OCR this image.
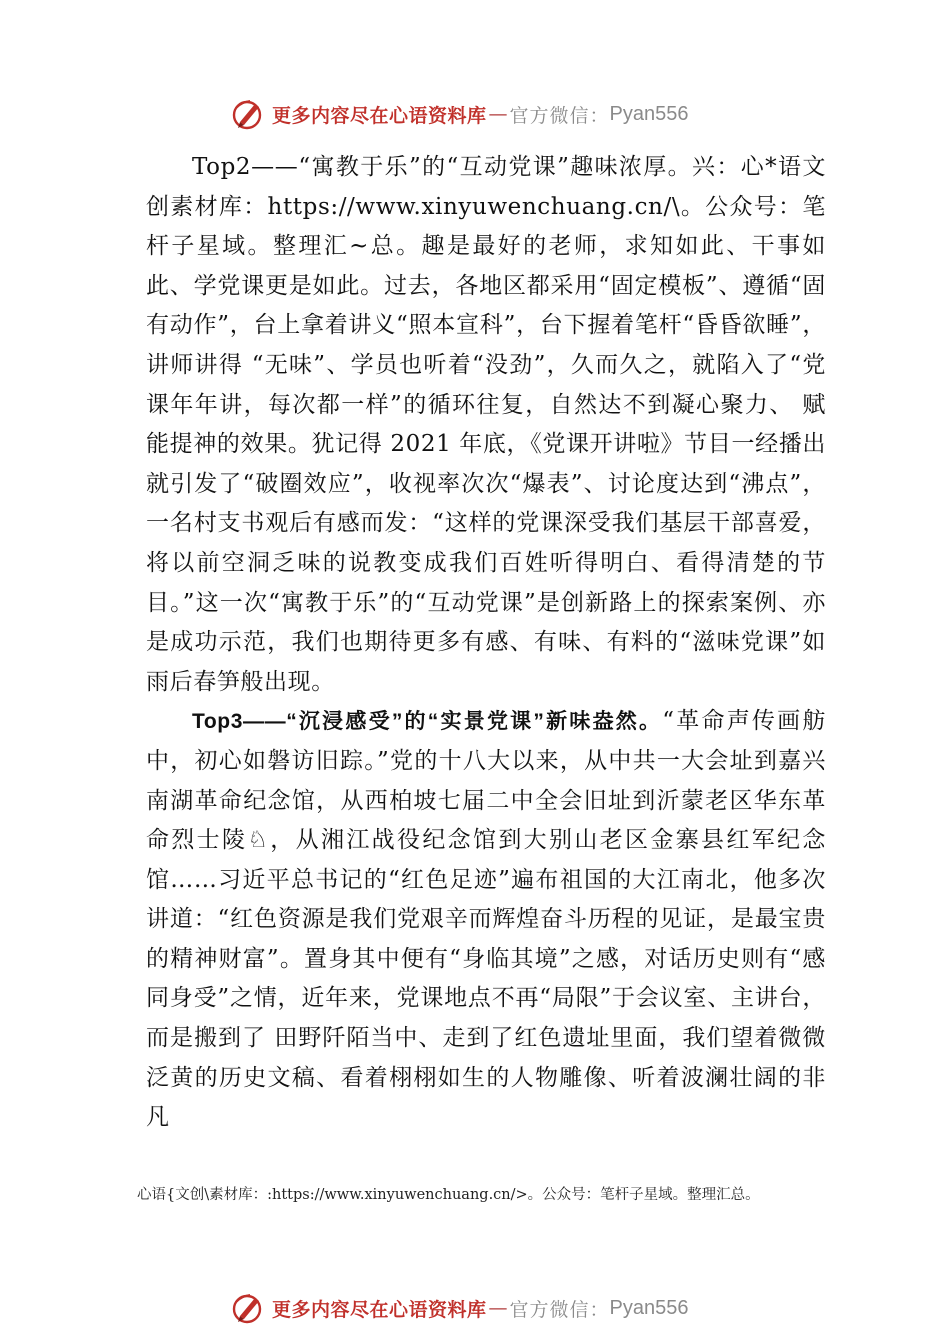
更多内容尽在心语资料库 — 官方微信： Pyan556

Top2——“寓教于乐”的“互动党课”趣味浓厚。兴：心*语文创素材库：https://www.xinyuwenchuang.cn/\。公众号：笔杆子星域。整理汇~总。趣是最好的老师，求知如此、干事如此、学党课更是如此。过去，各地区都采用“固定模板”、遵循“固有动作”，台上拿着讲义“照本宣科”，台下握着笔杆“昏昏欲睡”，讲师讲得 “无味”、学员也听着“没劲”，久而久之，就陷入了“党课年年讲，每次都一样”的循环往复，自然达不到凝心聚力、 赋能提神的效果。犹记得 2021 年底，《党课开讲啦》节目一经播出就引发了“破圈效应”，收视率次次“爆表”、讨论度达到“沸点”，一名村支书观后有感而发：“这样的党课深受我们基层干部喜爱，将以前空洞乏味的说教变成我们百姓听得明白、看得清楚的节目。”这一次“寓教于乐”的“互动党课”是创新路上的探索案例、亦是成功示范，我们也期待更多有感、有味、有料的“滋味党课”如雨后春笋般出现。

Top3——“沉浸感受”的“实景党课”新味盎然。“革命声传画舫中，初心如磐访旧踪。”党的十八大以来，从中共一大会址到嘉兴南湖革命纪念馆，从西柏坡七届二中全会旧址到沂蒙老区华东革命烈士陵♘，从湘江战役纪念馆到大别山老区金寨县红军纪念馆……习近平总书记的“红色足迹”遍布祖国的大江南北，他多次讲道：“红色资源是我们党艰辛而辉煌奋斗历程的见证，是最宝贵的精神财富”。置身其中便有“身临其境”之感，对话历史则有“感同身受”之情，近年来，党课地点不再“局限”于会议室、主讲台，而是搬到了 田野阡陌当中、走到了红色遗址里面，我们望着微微泛黄的历史文稿、看着栩栩如生的人物雕像、听着波澜壮阔的非凡

心语{文创\素材库：:https://www.xinyuwenchuang.cn/>。公众号：笔杆子星域。整理汇总。
更多内容尽在心语资料库 — 官方微信： Pyan556
